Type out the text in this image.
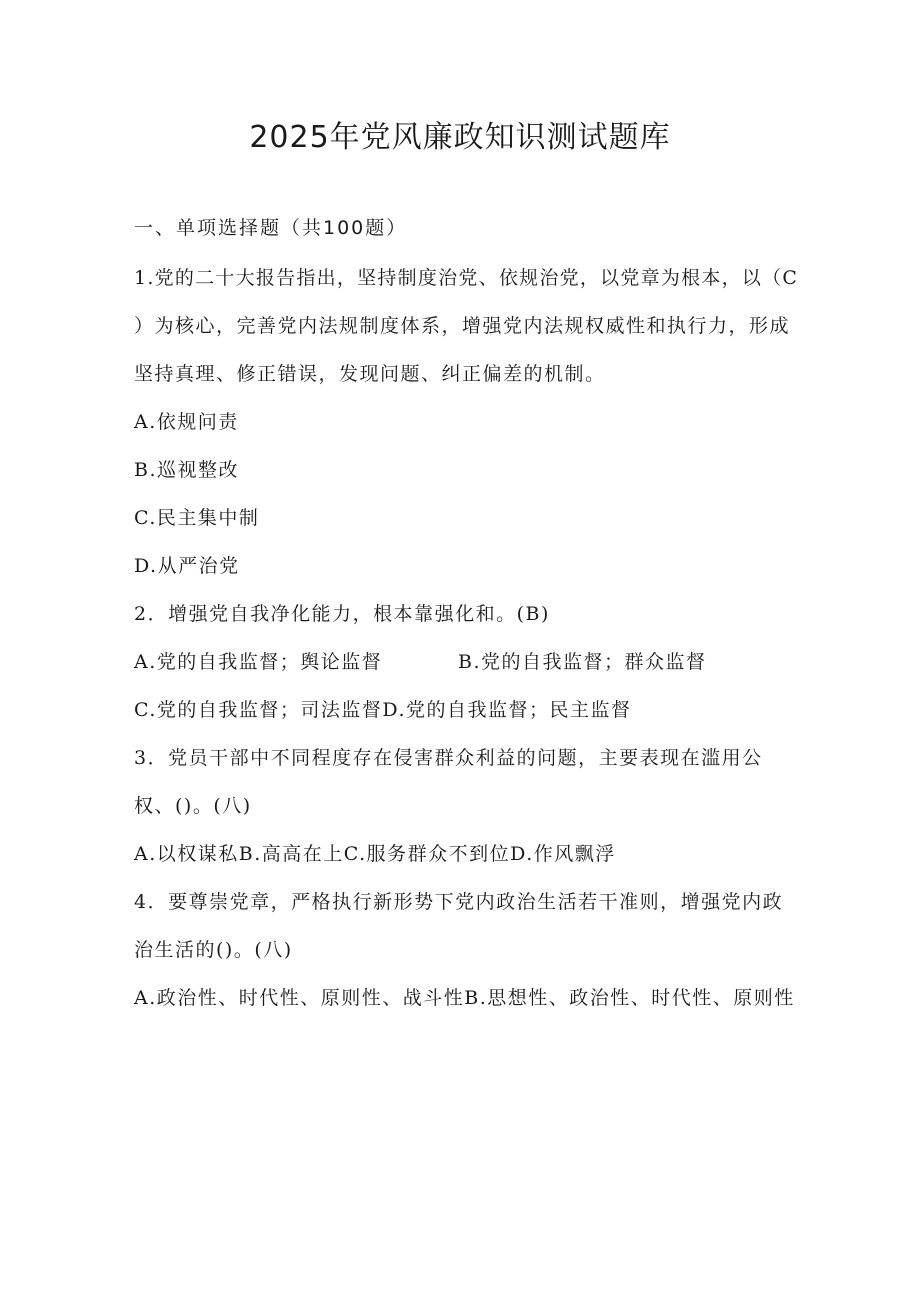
2025年党风廉政知识测试题库
一、单项选择题（共100题）
1.党的二十大报告指出，坚持制度治党、依规治党，以党章为根本，以（C
）为核心，完善党内法规制度体系，增强党内法规权威性和执行力，形成
坚持真理、修正错误，发现问题、纠正偏差的机制。
A.依规问责
B.巡视整改
C.民主集中制
D.从严治党
2．增强党自我净化能力，根本靠强化和。(B)
A.党的自我监督；舆论监督	B.党的自我监督；群众监督
C.党的自我监督；司法监督D.党的自我监督；民主监督
3．党员干部中不同程度存在侵害群众利益的问题，主要表现在滥用公
权、()。(八)
A.以权谋私B.高高在上C.服务群众不到位D.作风飘浮
4．要尊崇党章，严格执行新形势下党内政治生活若干准则，增强党内政
治生活的()。(八)
A.政治性、时代性、原则性、战斗性B.思想性、政治性、时代性、原则性
